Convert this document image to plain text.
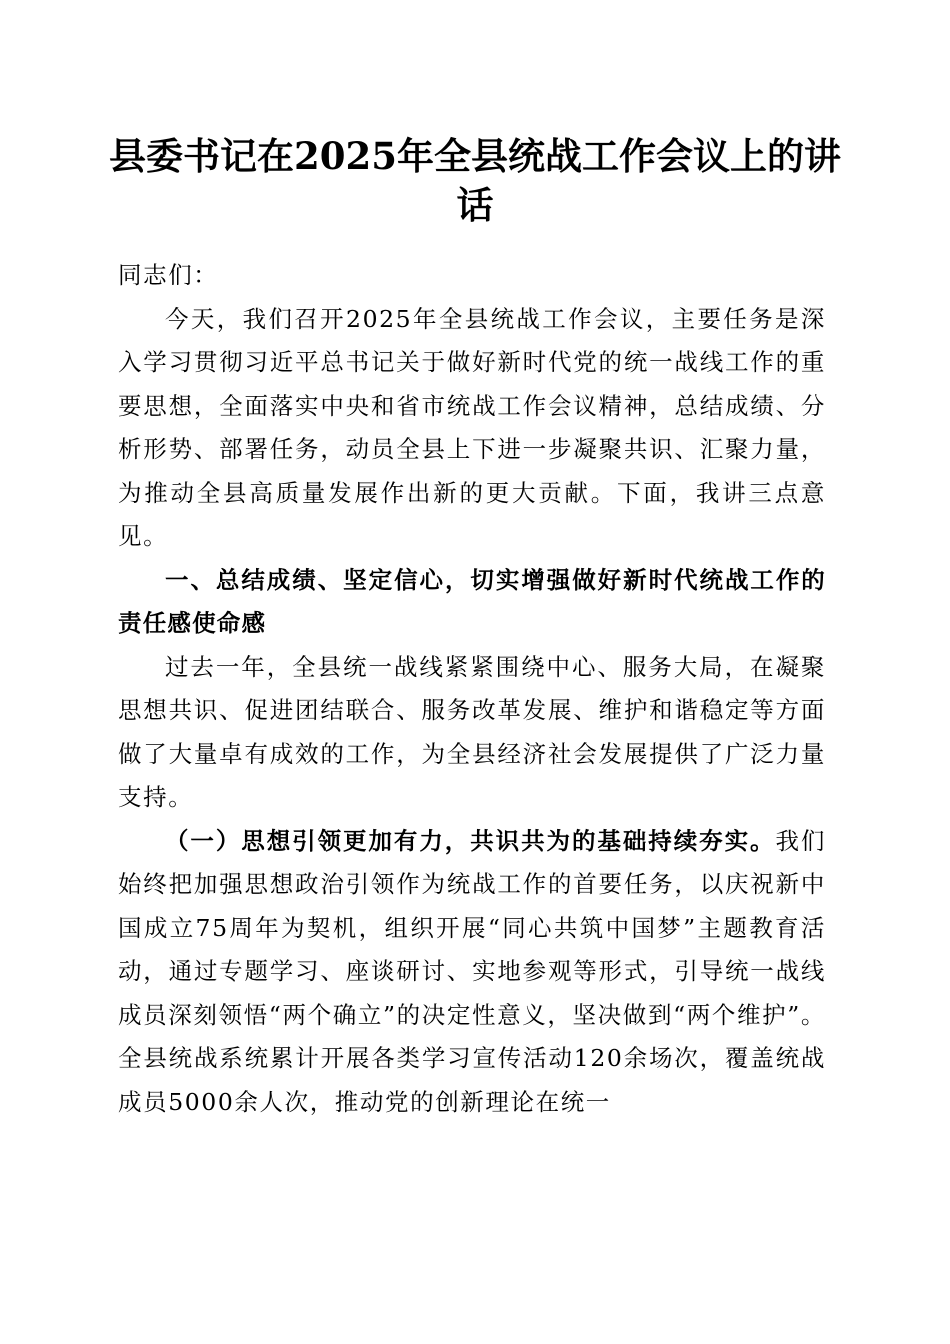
县委书记在2025年全县统战工作会议上的讲话

同志们：

今天，我们召开2025年全县统战工作会议，主要任务是深入学习贯彻习近平总书记关于做好新时代党的统一战线工作的重要思想，全面落实中央和省市统战工作会议精神，总结成绩、分析形势、部署任务，动员全县上下进一步凝聚共识、汇聚力量，为推动全县高质量发展作出新的更大贡献。下面，我讲三点意见。

一、总结成绩、坚定信心，切实增强做好新时代统战工作的责任感使命感

过去一年，全县统一战线紧紧围绕中心、服务大局，在凝聚思想共识、促进团结联合、服务改革发展、维护和谐稳定等方面做了大量卓有成效的工作，为全县经济社会发展提供了广泛力量支持。

（一）思想引领更加有力，共识共为的基础持续夯实。我们始终把加强思想政治引领作为统战工作的首要任务，以庆祝新中国成立75周年为契机，组织开展“同心共筑中国梦”主题教育活动，通过专题学习、座谈研讨、实地参观等形式，引导统一战线成员深刻领悟“两个确立”的决定性意义，坚决做到“两个维护”。全县统战系统累计开展各类学习宣传活动120余场次，覆盖统战成员5000余人次，推动党的创新理论在统一
